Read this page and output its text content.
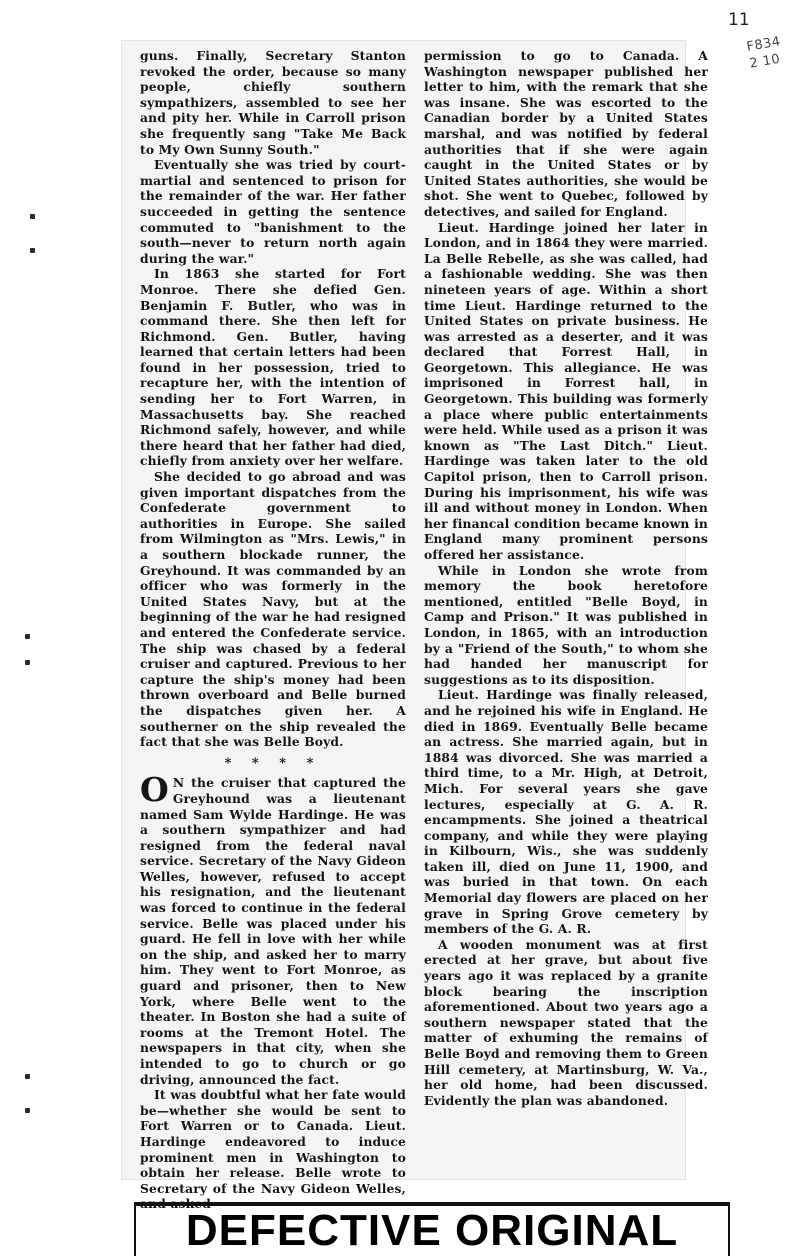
11
F834
2 10

guns. Finally, Secretary Stanton revoked the order, because so many people, chiefly southern sympathizers, assembled to see her and pity her. While in Carroll prison she frequently sang "Take Me Back to My Own Sunny South."

Eventually she was tried by court-martial and sentenced to prison for the remainder of the war. Her father succeeded in getting the sentence commuted to "banishment to the south—never to return north again during the war."

In 1863 she started for Fort Monroe. There she defied Gen. Benjamin F. Butler, who was in command there. She then left for Richmond. Gen. Butler, having learned that certain letters had been found in her possession, tried to recapture her, with the intention of sending her to Fort Warren, in Massachusetts bay. She reached Richmond safely, however, and while there heard that her father had died, chiefly from anxiety over her welfare.

She decided to go abroad and was given important dispatches from the Confederate government to authorities in Europe. She sailed from Wilmington as "Mrs. Lewis," in a southern blockade runner, the Greyhound. It was commanded by an officer who was formerly in the United States Navy, but at the beginning of the war he had resigned and entered the Confederate service. The ship was chased by a federal cruiser and captured. Previous to her capture the ship's money had been thrown overboard and Belle burned the dispatches given her. A southerner on the ship revealed the fact that she was Belle Boyd.

* * * *

O N the cruiser that captured the Greyhound was a lieutenant named Sam Wylde Hardinge. He was a southern sympathizer and had resigned from the federal naval service. Secretary of the Navy Gideon Welles, however, refused to accept his resignation, and the lieutenant was forced to continue in the federal service. Belle was placed under his guard. He fell in love with her while on the ship, and asked her to marry him. They went to Fort Monroe, as guard and prisoner, then to New York, where Belle went to the theater. In Boston she had a suite of rooms at the Tremont Hotel. The newspapers in that city, when she intended to go to church or go driving, announced the fact.

It was doubtful what her fate would be—whether she would be sent to Fort Warren or to Canada. Lieut. Hardinge endeavored to induce prominent men in Washington to obtain her release. Belle wrote to Secretary of the Navy Gideon Welles, and asked

permission to go to Canada. A Washington newspaper published her letter to him, with the remark that she was insane. She was escorted to the Canadian border by a United States marshal, and was notified by federal authorities that if she were again caught in the United States or by United States authorities, she would be shot. She went to Quebec, followed by detectives, and sailed for England.

Lieut. Hardinge joined her later in London, and in 1864 they were married. La Belle Rebelle, as she was called, had a fashionable wedding. She was then nineteen years of age. Within a short time Lieut. Hardinge returned to the United States on private business. He was arrested as a deserter, and it was declared that Forrest Hall, in Georgetown. This allegiance. He was imprisoned in Forrest hall, in Georgetown. This building was formerly a place where public entertainments were held. While used as a prison it was known as "The Last Ditch." Lieut. Hardinge was taken later to the old Capitol prison, then to Carroll prison. During his imprisonment, his wife was ill and without money in London. When her financal condition became known in England many prominent persons offered her assistance.

While in London she wrote from memory the book heretofore mentioned, entitled "Belle Boyd, in Camp and Prison." It was published in London, in 1865, with an introduction by a "Friend of the South," to whom she had handed her manuscript for suggestions as to its disposition.

Lieut. Hardinge was finally released, and he rejoined his wife in England. He died in 1869. Eventually Belle became an actress. She married again, but in 1884 was divorced. She was married a third time, to a Mr. High, at Detroit, Mich. For several years she gave lectures, especially at G. A. R. encampments. She joined a theatrical company, and while they were playing in Kilbourn, Wis., she was suddenly taken ill, died on June 11, 1900, and was buried in that town. On each Memorial day flowers are placed on her grave in Spring Grove cemetery by members of the G. A. R.

A wooden monument was at first erected at her grave, but about five years ago it was replaced by a granite block bearing the inscription aforementioned. About two years ago a southern newspaper stated that the matter of exhuming the remains of Belle Boyd and removing them to Green Hill cemetery, at Martinsburg, W. Va., her old home, had been discussed. Evidently the plan was abandoned.

DEFECTIVE ORIGINAL
